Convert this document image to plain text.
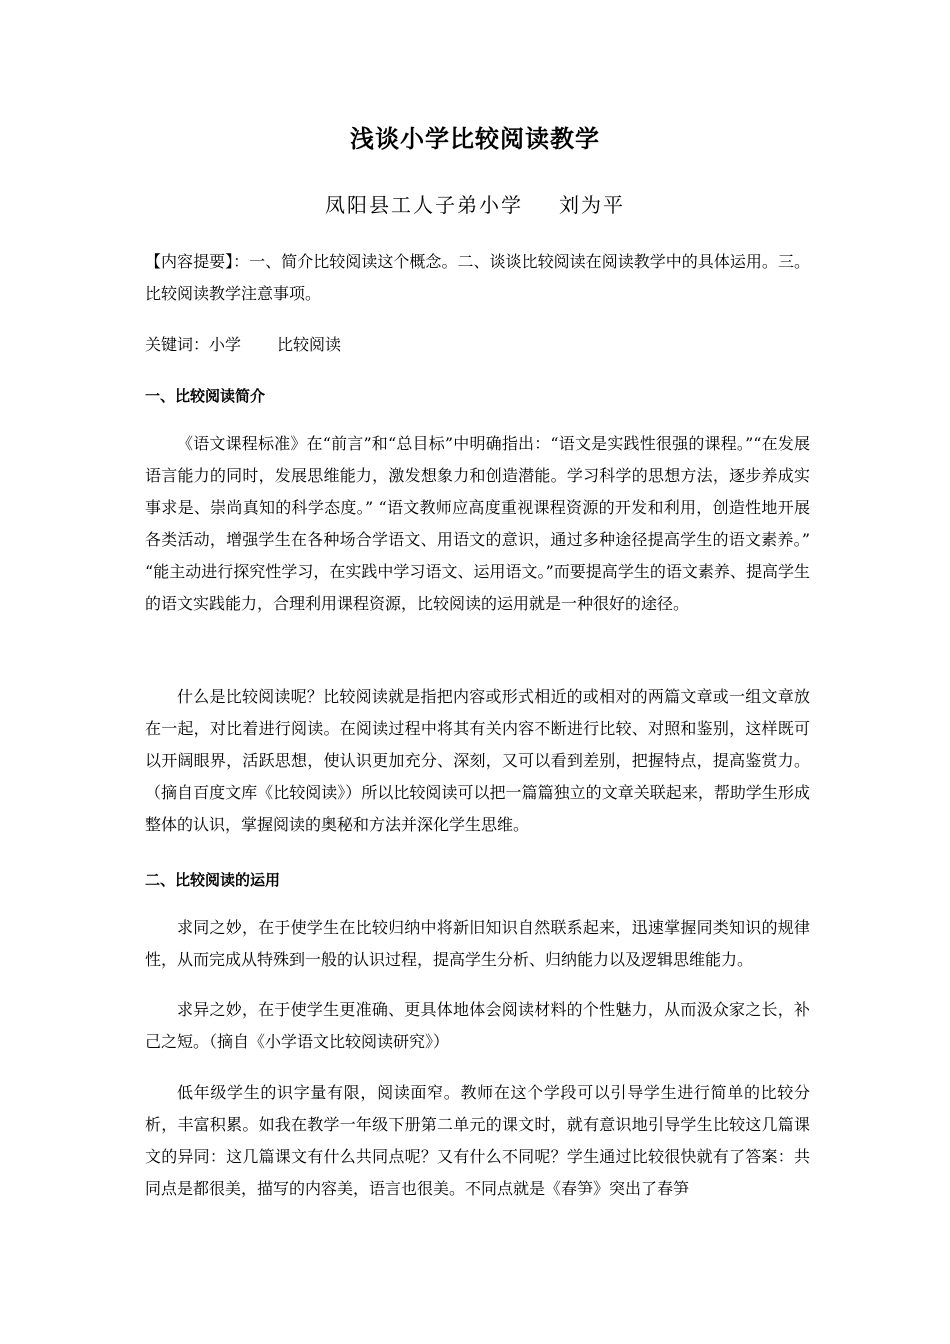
浅谈小学比较阅读教学
凤阳县工人子弟小学 刘为平
【内容提要】：一、简介比较阅读这个概念。二、谈谈比较阅读在阅读教学中的具体运用。三。比较阅读教学注意事项。
关键词：小学 比较阅读
一、比较阅读简介
《语文课程标准》在“前言”和“总目标”中明确指出：“语文是实践性很强的课程。”“在发展语言能力的同时，发展思维能力，激发想象力和创造潜能。学习科学的思想方法，逐步养成实事求是、崇尚真知的科学态度。” “语文教师应高度重视课程资源的开发和利用，创造性地开展各类活动，增强学生在各种场合学语文、用语文的意识，通过多种途径提高学生的语文素养。” “能主动进行探究性学习，在实践中学习语文、运用语文。”而要提高学生的语文素养、提高学生的语文实践能力，合理利用课程资源，比较阅读的运用就是一种很好的途径。
什么是比较阅读呢？比较阅读就是指把内容或形式相近的或相对的两篇文章或一组文章放在一起，对比着进行阅读。在阅读过程中将其有关内容不断进行比较、对照和鉴别，这样既可以开阔眼界，活跃思想，使认识更加充分、深刻，又可以看到差别，把握特点，提高鉴赏力。（摘自百度文库《比较阅读》）所以比较阅读可以把一篇篇独立的文章关联起来，帮助学生形成整体的认识，掌握阅读的奥秘和方法并深化学生思维。
二、比较阅读的运用
求同之妙，在于使学生在比较归纳中将新旧知识自然联系起来，迅速掌握同类知识的规律性，从而完成从特殊到一般的认识过程，提高学生分析、归纳能力以及逻辑思维能力。
求异之妙，在于使学生更准确、更具体地体会阅读材料的个性魅力，从而汲众家之长，补己之短。（摘自《小学语文比较阅读研究》）
低年级学生的识字量有限，阅读面窄。教师在这个学段可以引导学生进行简单的比较分析，丰富积累。如我在教学一年级下册第二单元的课文时，就有意识地引导学生比较这几篇课文的异同：这几篇课文有什么共同点呢？又有什么不同呢？学生通过比较很快就有了答案：共同点是都很美，描写的内容美，语言也很美。不同点就是《春笋》突出了春笋
